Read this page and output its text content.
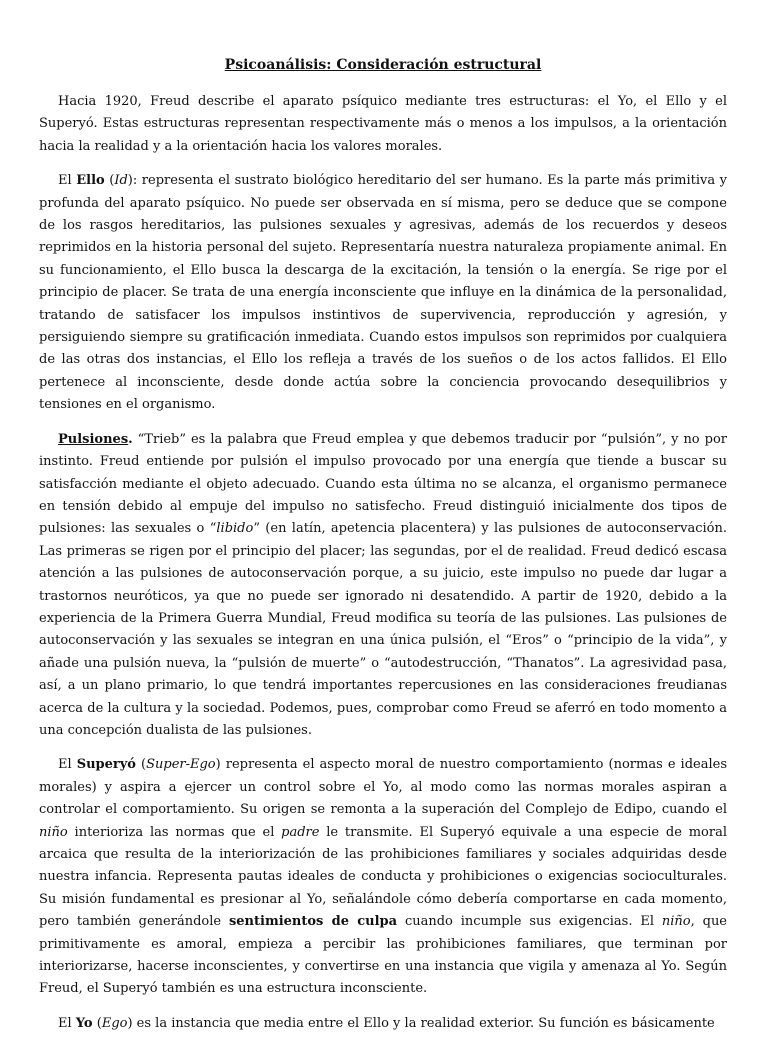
Psicoanálisis: Consideración estructural

Hacia 1920, Freud describe el aparato psíquico mediante tres estructuras: el Yo, el Ello y el Superyó. Estas estructuras representan respectivamente más o menos a los impulsos, a la orientación hacia la realidad y a la orientación hacia los valores morales.

El Ello (Id): representa el sustrato biológico hereditario del ser humano. Es la parte más primitiva y profunda del aparato psíquico. No puede ser observada en sí misma, pero se deduce que se compone de los rasgos hereditarios, las pulsiones sexuales y agresivas, además de los recuerdos y deseos reprimidos en la historia personal del sujeto. Representaría nuestra naturaleza propiamente animal. En su funcionamiento, el Ello busca la descarga de la excitación, la tensión o la energía. Se rige por el principio de placer. Se trata de una energía inconsciente que influye en la dinámica de la personalidad, tratando de satisfacer los impulsos instintivos de supervivencia, reproducción y agresión, y persiguiendo siempre su gratificación inmediata. Cuando estos impulsos son reprimidos por cualquiera de las otras dos instancias, el Ello los refleja a través de los sueños o de los actos fallidos. El Ello pertenece al inconsciente, desde donde actúa sobre la conciencia provocando desequilibrios y tensiones en el organismo.

Pulsiones. “Trieb” es la palabra que Freud emplea y que debemos traducir por “pulsión”, y no por instinto. Freud entiende por pulsión el impulso provocado por una energía que tiende a buscar su satisfacción mediante el objeto adecuado. Cuando esta última no se alcanza, el organismo permanece en tensión debido al empuje del impulso no satisfecho. Freud distinguió inicialmente dos tipos de pulsiones: las sexuales o “libido” (en latín, apetencia placentera) y las pulsiones de autoconservación. Las primeras se rigen por el principio del placer; las segundas, por el de realidad. Freud dedicó escasa atención a las pulsiones de autoconservación porque, a su juicio, este impulso no puede dar lugar a trastornos neuróticos, ya que no puede ser ignorado ni desatendido. A partir de 1920, debido a la experiencia de la Primera Guerra Mundial, Freud modifica su teoría de las pulsiones. Las pulsiones de autoconservación y las sexuales se integran en una única pulsión, el “Eros” o “principio de la vida”, y añade una pulsión nueva, la “pulsión de muerte” o “autodestrucción, “Thanatos”. La agresividad pasa, así, a un plano primario, lo que tendrá importantes repercusiones en las consideraciones freudianas acerca de la cultura y la sociedad. Podemos, pues, comprobar como Freud se aferró en todo momento a una concepción dualista de las pulsiones.

El Superyó (Super-Ego) representa el aspecto moral de nuestro comportamiento (normas e ideales morales) y aspira a ejercer un control sobre el Yo, al modo como las normas morales aspiran a controlar el comportamiento. Su origen se remonta a la superación del Complejo de Edipo, cuando el niño interioriza las normas que el padre le transmite. El Superyó equivale a una especie de moral arcaica que resulta de la interiorización de las prohibiciones familiares y sociales adquiridas desde nuestra infancia. Representa pautas ideales de conducta y prohibiciones o exigencias socioculturales. Su misión fundamental es presionar al Yo, señalándole cómo debería comportarse en cada momento, pero también generándole sentimientos de culpa cuando incumple sus exigencias. El niño, que primitivamente es amoral, empieza a percibir las prohibiciones familiares, que terminan por interiorizarse, hacerse inconscientes, y convertirse en una instancia que vigila y amenaza al Yo. Según Freud, el Superyó también es una estructura inconsciente.

El Yo (Ego) es la instancia que media entre el Ello y la realidad exterior. Su función es básicamente
